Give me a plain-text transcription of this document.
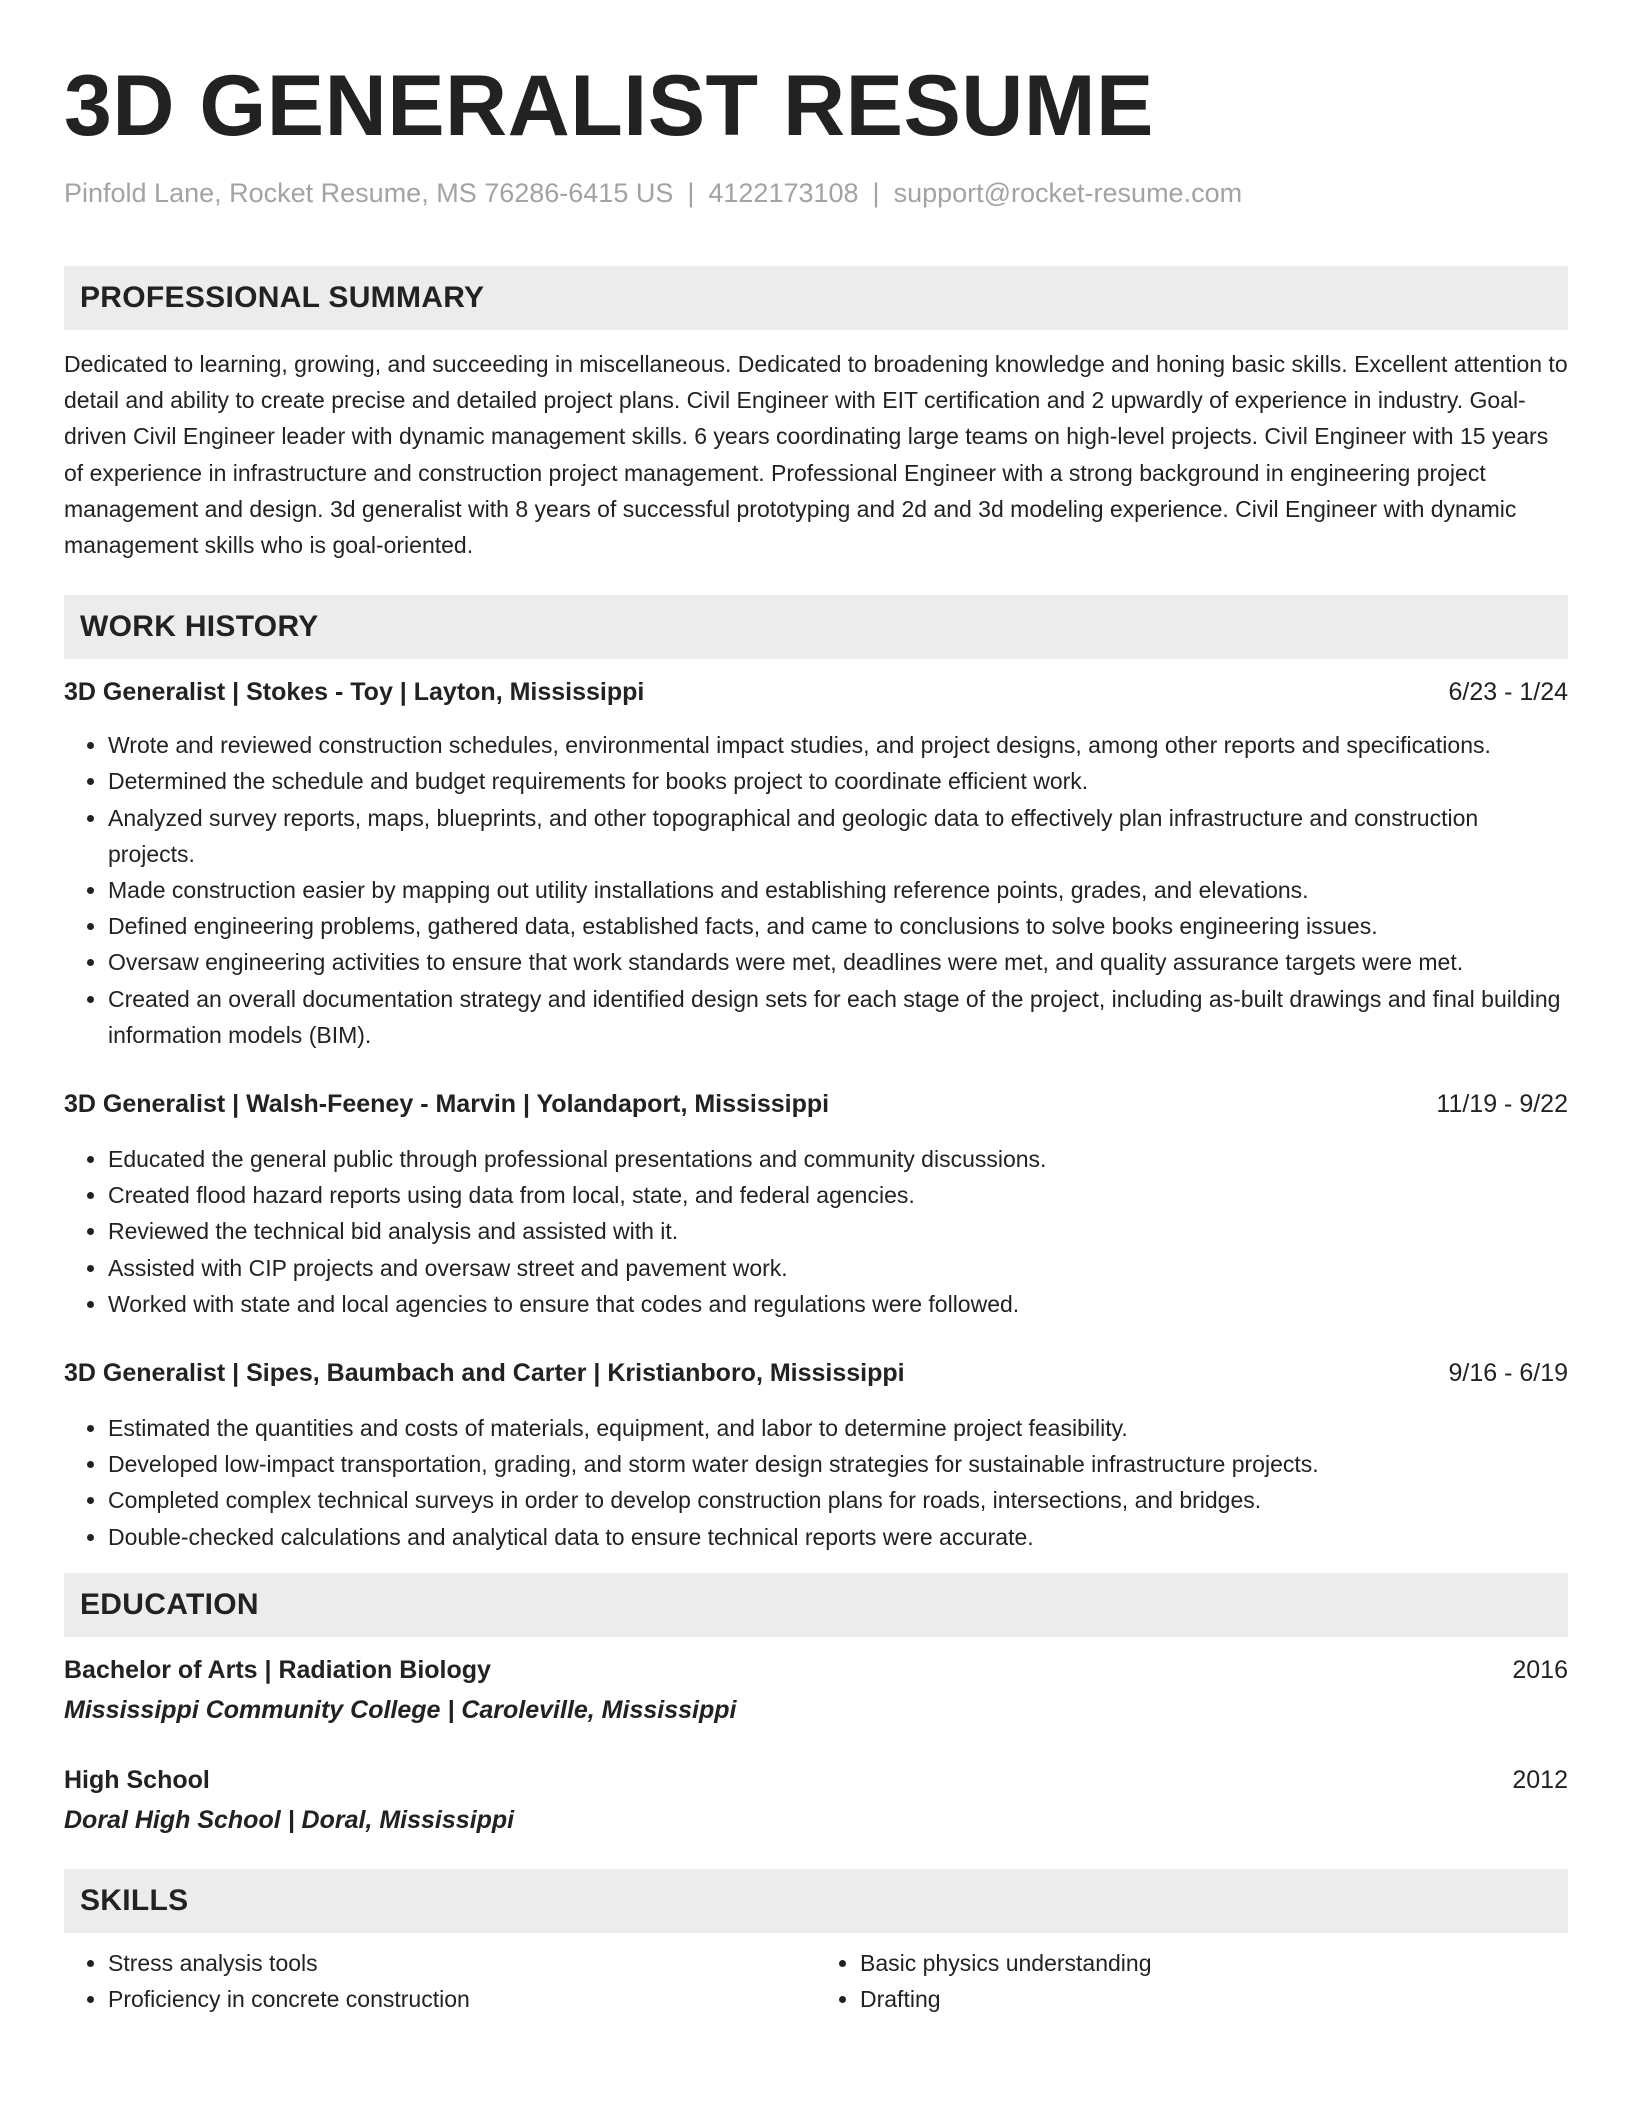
3D GENERALIST RESUME
Pinfold Lane, Rocket Resume, MS 76286-6415 US | 4122173108 | support@rocket-resume.com
PROFESSIONAL SUMMARY

Dedicated to learning, growing, and succeeding in miscellaneous. Dedicated to broadening knowledge and honing basic skills. Excellent attention to detail and ability to create precise and detailed project plans. Civil Engineer with EIT certification and 2 upwardly of experience in industry. Goal-driven Civil Engineer leader with dynamic management skills. 6 years coordinating large teams on high-level projects. Civil Engineer with 15 years of experience in infrastructure and construction project management. Professional Engineer with a strong background in engineering project management and design. 3d generalist with 8 years of successful prototyping and 2d and 3d modeling experience. Civil Engineer with dynamic management skills who is goal-oriented.

WORK HISTORY
3D Generalist | Stokes - Toy | Layton, Mississippi	6/23 - 1/24
• Wrote and reviewed construction schedules, environmental impact studies, and project designs, among other reports and specifications.
• Determined the schedule and budget requirements for books project to coordinate efficient work.
• Analyzed survey reports, maps, blueprints, and other topographical and geologic data to effectively plan infrastructure and construction projects.
• Made construction easier by mapping out utility installations and establishing reference points, grades, and elevations.
• Defined engineering problems, gathered data, established facts, and came to conclusions to solve books engineering issues.
• Oversaw engineering activities to ensure that work standards were met, deadlines were met, and quality assurance targets were met.
• Created an overall documentation strategy and identified design sets for each stage of the project, including as-built drawings and final building information models (BIM).
3D Generalist | Walsh-Feeney - Marvin | Yolandaport, Mississippi	11/19 - 9/22
• Educated the general public through professional presentations and community discussions.
• Created flood hazard reports using data from local, state, and federal agencies.
• Reviewed the technical bid analysis and assisted with it.
• Assisted with CIP projects and oversaw street and pavement work.
• Worked with state and local agencies to ensure that codes and regulations were followed.
3D Generalist | Sipes, Baumbach and Carter | Kristianboro, Mississippi	9/16 - 6/19
• Estimated the quantities and costs of materials, equipment, and labor to determine project feasibility.
• Developed low-impact transportation, grading, and storm water design strategies for sustainable infrastructure projects.
• Completed complex technical surveys in order to develop construction plans for roads, intersections, and bridges.
• Double-checked calculations and analytical data to ensure technical reports were accurate.
EDUCATION
Bachelor of Arts | Radiation Biology	2016
Mississippi Community College | Caroleville, Mississippi
High School	2012
Doral High School | Doral, Mississippi
SKILLS
• Stress analysis tools
• Proficiency in concrete construction
• Basic physics understanding
• Drafting
